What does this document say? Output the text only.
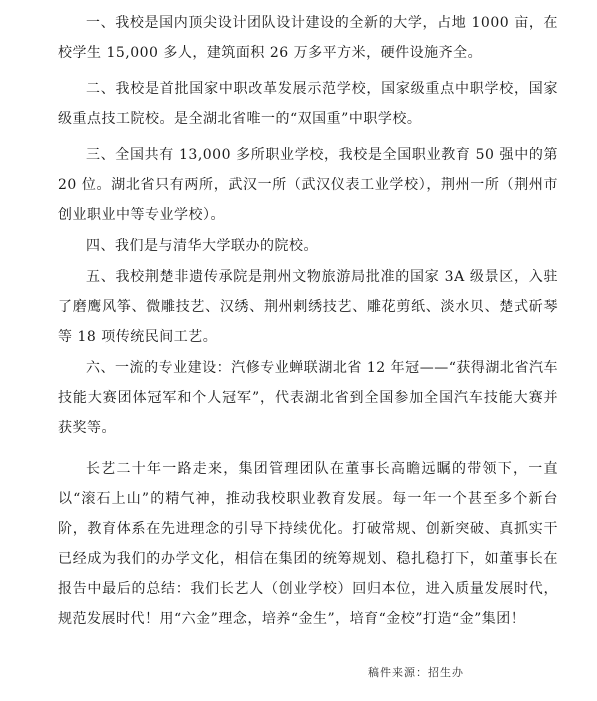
一、我校是国内顶尖设计团队设计建设的全新的大学，占地 1000 亩，在校学生 15,000 多人，建筑面积 26 万多平方米，硬件设施齐全。

二、我校是首批国家中职改革发展示范学校，国家级重点中职学校，国家级重点技工院校。是全湖北省唯一的“双国重”中职学校。

三、全国共有 13,000 多所职业学校，我校是全国职业教育 50 强中的第 20 位。湖北省只有两所，武汉一所（武汉仪表工业学校），荆州一所（荆州市创业职业中等专业学校）。

四、我们是与清华大学联办的院校。

五、我校荆楚非遗传承院是荆州文物旅游局批准的国家 3A 级景区，入驻了磨鹰风筝、微雕技艺、汉绣、荆州剌绣技艺、雕花剪纸、淡水贝、楚式斫琴等 18 项传统民间工艺。

六、一流的专业建设：汽修专业蝉联湖北省 12 年冠——“获得湖北省汽车技能大赛团体冠军和个人冠军”，代表湖北省到全国参加全国汽车技能大赛并获奖等。

长艺二十年一路走来，集团管理团队在董事长高瞻远瞩的带领下，一直以“滚石上山”的精气神，推动我校职业教育发展。每一年一个甚至多个新台阶，教育体系在先进理念的引导下持续优化。打破常规、创新突破、真抓实干已经成为我们的办学文化，相信在集团的统筹规划、稳扎稳打下，如董事长在报告中最后的总结：我们长艺人（创业学校）回归本位，进入质量发展时代，规范发展时代！用“六金”理念，培养“金生”，培育“金校”打造“金”集团！

稿件来源：招生办
